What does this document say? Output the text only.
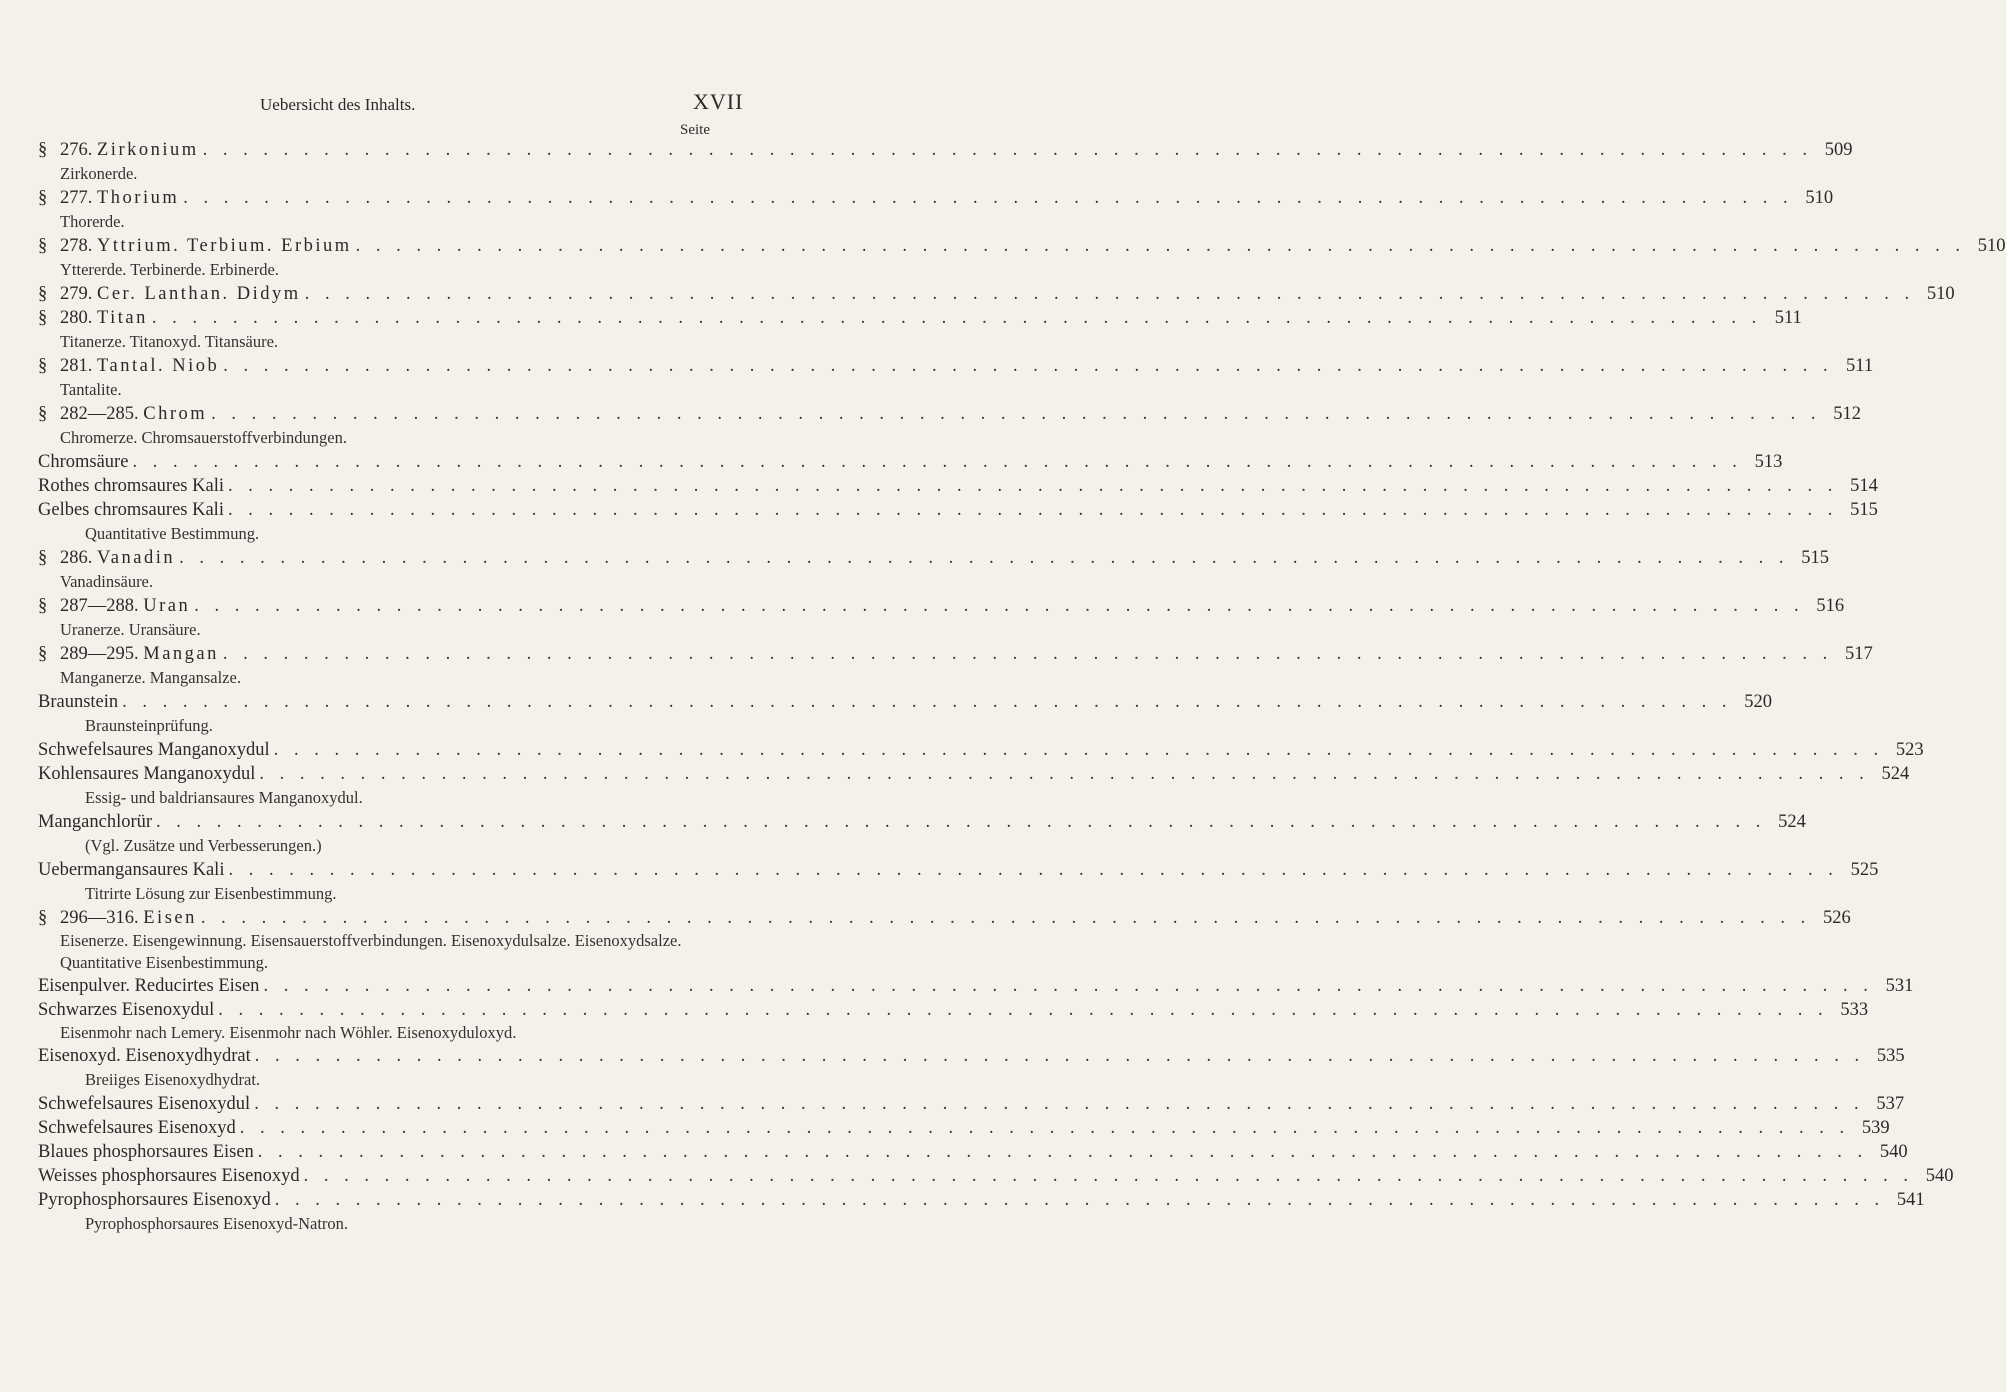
Uebersicht des Inhalts.	XVII
Seite
§ 276. Zirkonium . . . . . . . . . . . . . . . . . . . . . . . . . . . . . . . . . . . . . . . . . . . . . . . . . . . . . . . . . . . . . . . . . . . . . . . . . . . . . . . . 509
Zirkonerde.
§ 277. Thorium . . . . . . . . . . . . . . . . . . . . . . . . . . . . . . . . . . . . . . . . . . . . . . . . . . . . . . . . . . . . . . . . . . . . . . . . . . . . . . . . 510
Thorerde.
§ 278. Yttrium. Terbium. Erbium . . . . . . . . . . . . . . . . . . . . . . . . . . . . . . . . . . . . . . . . . . . . . . . . . . . . . . . . . . . . . . . . . . . . . . . . . . . . . . . . 510
Yttererde. Terbinerde. Erbinerde.
§ 279. Cer. Lanthan. Didym . . . . . . . . . . . . . . . . . . . . . . . . . . . . . . . . . . . . . . . . . . . . . . . . . . . . . . . . . . . . . . . . . . . . . . . . . . . . . . . . 510
§ 280. Titan . . . . . . . . . . . . . . . . . . . . . . . . . . . . . . . . . . . . . . . . . . . . . . . . . . . . . . . . . . . . . . . . . . . . . . . . . . . . . . . . 511
Titanerze. Titanoxyd. Titansäure.
§ 281. Tantal. Niob . . . . . . . . . . . . . . . . . . . . . . . . . . . . . . . . . . . . . . . . . . . . . . . . . . . . . . . . . . . . . . . . . . . . . . . . . . . . . . . . 511
Tantalite.
§ 282—285. Chrom . . . . . . . . . . . . . . . . . . . . . . . . . . . . . . . . . . . . . . . . . . . . . . . . . . . . . . . . . . . . . . . . . . . . . . . . . . . . . . . . 512
Chromerze. Chromsauerstoffverbindungen.
Chromsäure . . . . . . . . . . . . . . . . . . . . . . . . . . . . . . . . . . . . . . . . . . . . . . . . . . . . . . . . . . . . . . . . . . . . . . . . . . . . . . . . 513
Rothes chromsaures Kali . . . . . . . . . . . . . . . . . . . . . . . . . . . . . . . . . . . . . . . . . . . . . . . . . . . . . . . . . . . . . . . . . . . . . . . . . . . . . . . . 514
Gelbes chromsaures Kali . . . . . . . . . . . . . . . . . . . . . . . . . . . . . . . . . . . . . . . . . . . . . . . . . . . . . . . . . . . . . . . . . . . . . . . . . . . . . . . . 515
Quantitative Bestimmung.
§ 286. Vanadin . . . . . . . . . . . . . . . . . . . . . . . . . . . . . . . . . . . . . . . . . . . . . . . . . . . . . . . . . . . . . . . . . . . . . . . . . . . . . . . . 515
Vanadinsäure.
§ 287—288. Uran . . . . . . . . . . . . . . . . . . . . . . . . . . . . . . . . . . . . . . . . . . . . . . . . . . . . . . . . . . . . . . . . . . . . . . . . . . . . . . . . 516
Uranerze. Uransäure.
§ 289—295. Mangan . . . . . . . . . . . . . . . . . . . . . . . . . . . . . . . . . . . . . . . . . . . . . . . . . . . . . . . . . . . . . . . . . . . . . . . . . . . . . . . . 517
Manganerze. Mangansalze.
Braunstein . . . . . . . . . . . . . . . . . . . . . . . . . . . . . . . . . . . . . . . . . . . . . . . . . . . . . . . . . . . . . . . . . . . . . . . . . . . . . . . . 520
Braunsteinprüfung.
Schwefelsaures Manganoxydul . . . . . . . . . . . . . . . . . . . . . . . . . . . . . . . . . . . . . . . . . . . . . . . . . . . . . . . . . . . . . . . . . . . . . . . . . . . . . . . . 523
Kohlensaures Manganoxydul . . . . . . . . . . . . . . . . . . . . . . . . . . . . . . . . . . . . . . . . . . . . . . . . . . . . . . . . . . . . . . . . . . . . . . . . . . . . . . . . 524
Essig- und baldriansaures Manganoxydul.
Manganchlorür . . . . . . . . . . . . . . . . . . . . . . . . . . . . . . . . . . . . . . . . . . . . . . . . . . . . . . . . . . . . . . . . . . . . . . . . . . . . . . . . 524
(Vgl. Zusätze und Verbesserungen.)
Uebermangansaures Kali . . . . . . . . . . . . . . . . . . . . . . . . . . . . . . . . . . . . . . . . . . . . . . . . . . . . . . . . . . . . . . . . . . . . . . . . . . . . . . . . 525
Titrirte Lösung zur Eisenbestimmung.
§ 296—316. Eisen . . . . . . . . . . . . . . . . . . . . . . . . . . . . . . . . . . . . . . . . . . . . . . . . . . . . . . . . . . . . . . . . . . . . . . . . . . . . . . . . 526
Eisenerze. Eisengewinnung. Eisensauerstoffverbindungen. Eisenoxydulsalze. Eisenoxydsalze. Quantitative Eisenbestimmung.
Eisenpulver. Reducirtes Eisen . . . . . . . . . . . . . . . . . . . . . . . . . . . . . . . . . . . . . . . . . . . . . . . . . . . . . . . . . . . . . . . . . . . . . . . . . . . . . . . . 531
Schwarzes Eisenoxydul . . . . . . . . . . . . . . . . . . . . . . . . . . . . . . . . . . . . . . . . . . . . . . . . . . . . . . . . . . . . . . . . . . . . . . . . . . . . . . . . 533
Eisenmohr nach Lemery. Eisenmohr nach Wöhler. Eisenoxyduloxyd.
Eisenoxyd. Eisenoxydhydrat . . . . . . . . . . . . . . . . . . . . . . . . . . . . . . . . . . . . . . . . . . . . . . . . . . . . . . . . . . . . . . . . . . . . . . . . . . . . . . . . 535
Breiiges Eisenoxydhydrat.
Schwefelsaures Eisenoxydul . . . . . . . . . . . . . . . . . . . . . . . . . . . . . . . . . . . . . . . . . . . . . . . . . . . . . . . . . . . . . . . . . . . . . . . . . . . . . . . . 537
Schwefelsaures Eisenoxyd . . . . . . . . . . . . . . . . . . . . . . . . . . . . . . . . . . . . . . . . . . . . . . . . . . . . . . . . . . . . . . . . . . . . . . . . . . . . . . . . 539
Blaues phosphorsaures Eisen . . . . . . . . . . . . . . . . . . . . . . . . . . . . . . . . . . . . . . . . . . . . . . . . . . . . . . . . . . . . . . . . . . . . . . . . . . . . . . . . 540
Weisses phosphorsaures Eisenoxyd . . . . . . . . . . . . . . . . . . . . . . . . . . . . . . . . . . . . . . . . . . . . . . . . . . . . . . . . . . . . . . . . . . . . . . . . . . . . . . . . 540
Pyrophosphorsaures Eisenoxyd . . . . . . . . . . . . . . . . . . . . . . . . . . . . . . . . . . . . . . . . . . . . . . . . . . . . . . . . . . . . . . . . . . . . . . . . . . . . . . . . 541
Pyrophosphorsaures Eisenoxyd-Natron.
